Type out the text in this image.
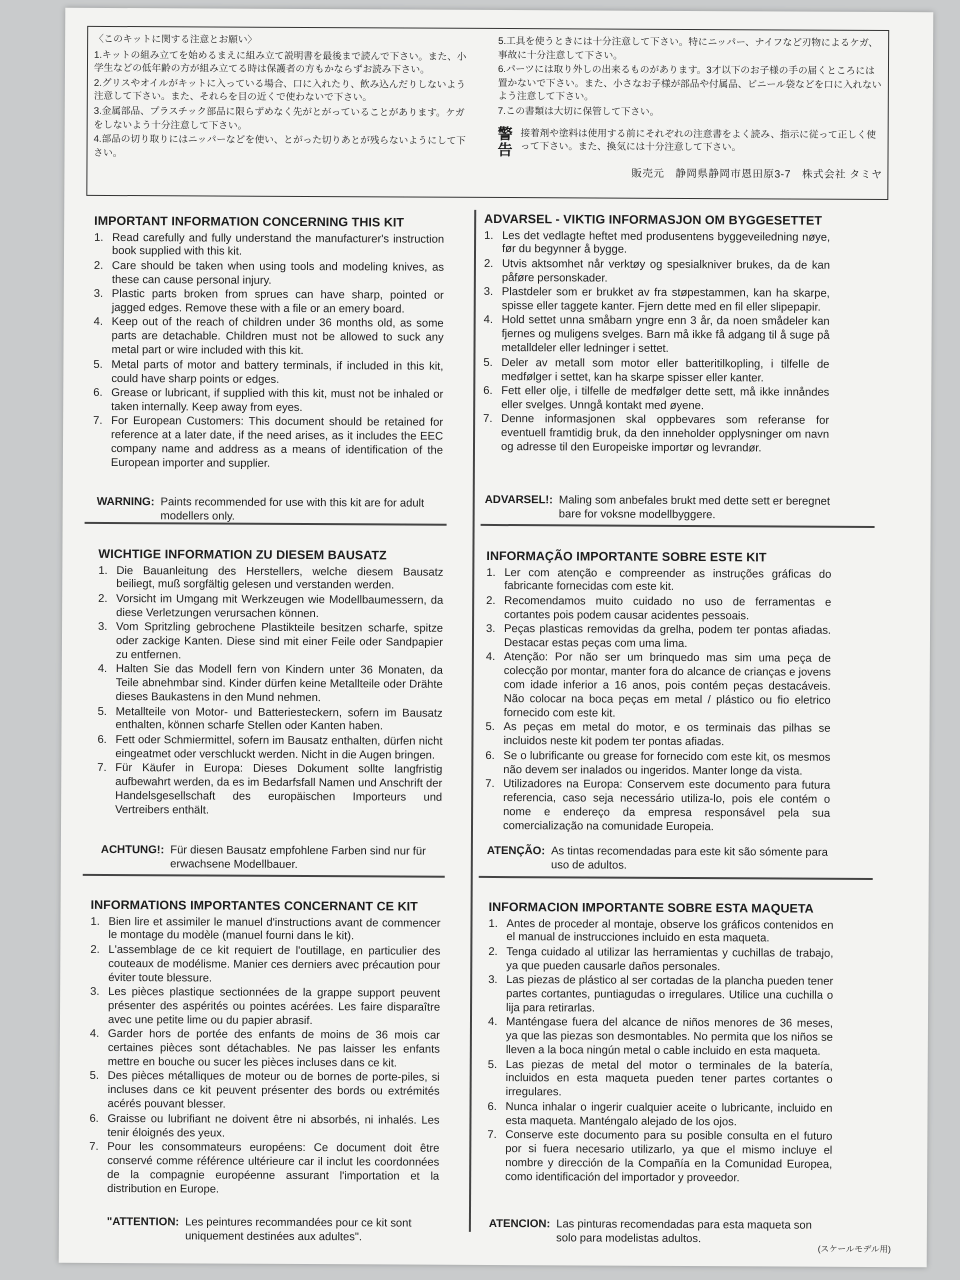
〈このキットに関する注意とお願い〉
1.キットの組み立てを始めるまえに組み立て説明書を最後まで読んで下さい。また、小学生などの低年齢の方が組み立てる時は保護者の方もかならずお読み下さい。
2.グリスやオイルがキットに入っている場合、口に入れたり、飲み込んだりしないよう注意して下さい。また、それらを目の近くで使わないで下さい。
3.金属部品、プラスチック部品に限らずめなく先がとがっていることがあります。ケガをしないよう十分注意して下さい。
4.部品の切り取りにはニッパーなどを使い、とがった切りあとが残らないようにして下さい。
5.工具を使うときには十分注意して下さい。特にニッパー、ナイフなど刃物によるケガ、事故に十分注意して下さい。
6.パーツには取り外しの出来るものがあります。3才以下のお子様の手の届くところには置かないで下さい。また、小さなお子様が部品や付属品、ビニール袋などを口に入れないよう注意して下さい。
7.この書類は大切に保管して下さい。
警告
接着剤や塗料は使用する前にそれぞれの注意書をよく読み、指示に従って正しく使って下さい。また、換気には十分注意して下さい。
販売元　静岡県静岡市恩田原3-7　株式会社 タミヤ
IMPORTANT INFORMATION CONCERNING THIS KIT
1. Read carefully and fully understand the manufacturer's instruction book supplied with this kit.
2. Care should be taken when using tools and modeling knives, as these can cause personal injury.
3. Plastic parts broken from sprues can have sharp, pointed or jagged edges. Remove these with a file or an emery board.
4. Keep out of the reach of children under 36 months old, as some parts are detachable. Children must not be allowed to suck any metal part or wire included with this kit.
5. Metal parts of motor and battery terminals, if included in this kit, could have sharp points or edges.
6. Grease or lubricant, if supplied with this kit, must not be inhaled or taken internally. Keep away from eyes.
7. For European Customers: This document should be retained for reference at a later date, if the need arises, as it includes the EEC company name and address as a means of identification of the European importer and supplier.
WARNING: Paints recommended for use with this kit are for adult modellers only.
ADVARSEL - VIKTIG INFORMASJON OM BYGGESETTET
1. Les det vedlagte heftet med produsentens byggeveiledning nøye, før du begynner å bygge.
2. Utvis aktsomhet når verktøy og spesialkniver brukes, da de kan påføre personskader.
3. Plastdeler som er brukket av fra støpestammen, kan ha skarpe, spisse eller taggete kanter. Fjern dette med en fil eller slipepapir.
4. Hold settet unna småbarn yngre enn 3 år, da noen smådeler kan fjernes og muligens svelges. Barn må ikke få adgang til å suge på metalldeler eller ledninger i settet.
5. Deler av metall som motor eller batteritilkopling, i tilfelle de medfølger i settet, kan ha skarpe spisser eller kanter.
6. Fett eller olje, i tilfelle de medfølger dette sett, må ikke innåndes eller svelges. Unngå kontakt med øyene.
7. Denne informasjonen skal oppbevares som referanse for eventuell framtidig bruk, da den inneholder opplysninger om navn og adresse til den Europeiske importør og levrandør.
ADVARSEL!: Maling som anbefales brukt med dette sett er beregnet bare for voksne modellbyggere.
WICHTIGE INFORMATION ZU DIESEM BAUSATZ
1. Die Bauanleitung des Herstellers, welche diesem Bausatz beiliegt, muß sorgfältig gelesen und verstanden werden.
2. Vorsicht im Umgang mit Werkzeugen wie Modellbaumessern, da diese Verletzungen verursachen können.
3. Vom Spritzling gebrochene Plastikteile besitzen scharfe, spitze oder zackige Kanten. Diese sind mit einer Feile oder Sandpapier zu entfernen.
4. Halten Sie das Modell fern von Kindern unter 36 Monaten, da Teile abnehmbar sind. Kinder dürfen keine Metallteile oder Drähte dieses Baukastens in den Mund nehmen.
5. Metallteile von Motor- und Batteriesteckern, sofern im Bausatz enthalten, können scharfe Stellen oder Kanten haben.
6. Fett oder Schmiermittel, sofern im Bausatz enthalten, dürfen nicht eingeatmet oder verschluckt werden. Nicht in die Augen bringen.
7. Für Käufer in Europa: Dieses Dokument sollte langfristig aufbewahrt werden, da es im Bedarfsfall Namen und Anschrift der Handelsgesellschaft des europäischen Importeurs und Vertreibers enthält.
ACHTUNG!: Für diesen Bausatz empfohlene Farben sind nur für erwachsene Modellbauer.
INFORMAÇÃO IMPORTANTE SOBRE ESTE KIT
1. Ler com atenção e compreender as instruções gráficas do fabricante fornecidas com este kit.
2. Recomendamos muito cuidado no uso de ferramentas e cortantes pois podem causar acidentes pessoais.
3. Peças plasticas removidas da grelha, podem ter pontas afiadas. Destacar estas peças com uma lima.
4. Atenção: Por não ser um brinquedo mas sim uma peça de colecção por montar, manter fora do alcance de crianças e jovens com idade inferior a 16 anos, pois contém peças destacáveis. Não colocar na boca peças em metal / plástico ou fio eletrico fornecido com este kit.
5. As peças em metal do motor, e os terminais das pilhas se incluidos neste kit podem ter pontas afiadas.
6. Se o lubrificante ou grease for fornecido com este kit, os mesmos não devem ser inalados ou ingeridos. Manter longe da vista.
7. Utilizadores na Europa: Conservem este documento para futura referencia, caso seja necessário utiliza-lo, pois ele contém o nome e endereço da empresa responsável pela sua comercialização na comunidade Europeia.
ATENÇÃO: As tintas recomendadas para este kit são sómente para uso de adultos.
INFORMATIONS IMPORTANTES CONCERNANT CE KIT
1. Bien lire et assimiler le manuel d'instructions avant de commencer le montage du modèle (manuel fourni dans le kit).
2. L'assemblage de ce kit requiert de l'outillage, en particulier des couteaux de modélisme. Manier ces derniers avec précaution pour éviter toute blessure.
3. Les pièces plastique sectionnées de la grappe support peuvent présenter des aspérités ou pointes acérées. Les faire disparaître avec une petite lime ou du papier abrasif.
4. Garder hors de portée des enfants de moins de 36 mois car certaines pièces sont détachables. Ne pas laisser les enfants mettre en bouche ou sucer les pièces incluses dans ce kit.
5. Des pièces métalliques de moteur ou de bornes de porte-piles, si incluses dans ce kit peuvent présenter des bords ou extrémités acérés pouvant blesser.
6. Graisse ou lubrifiant ne doivent être ni absorbés, ni inhalés. Les tenir éloignés des yeux.
7. Pour les consommateurs européens: Ce document doit être conservé comme référence ultérieure car il inclut les coordonnées de la compagnie européenne assurant l'importation et la distribution en Europe.
"ATTENTION: Les peintures recommandées pour ce kit sont uniquement destinées aux adultes".
INFORMACION IMPORTANTE SOBRE ESTA MAQUETA
1. Antes de proceder al montaje, observe los gráficos contenidos en el manual de instrucciones incluido en esta maqueta.
2. Tenga cuidado al utilizar las herramientas y cuchillas de trabajo, ya que pueden causarle daños personales.
3. Las piezas de plástico al ser cortadas de la plancha pueden tener partes cortantes, puntiagudas o irregulares. Utilice una cuchilla o lija para retirarlas.
4. Manténgase fuera del alcance de niños menores de 36 meses, ya que las piezas son desmontables. No permita que los niños se lleven a la boca ningún metal o cable incluido en esta maqueta.
5. Las piezas de metal del motor o terminales de la batería, incluidos en esta maqueta pueden tener partes cortantes o irregulares.
6. Nunca inhalar o ingerir cualquier aceite o lubricante, incluido en esta maqueta. Manténgalo alejado de los ojos.
7. Conserve este documento para su posible consulta en el futuro por si fuera necesario utilizarlo, ya que el mismo incluye el nombre y dirección de la Compañía en la Comunidad Europea, como identificación del importador y proveedor.
ATENCION: Las pinturas recomendadas para esta maqueta son solo para modelistas adultos.
(スケールモデル用)
